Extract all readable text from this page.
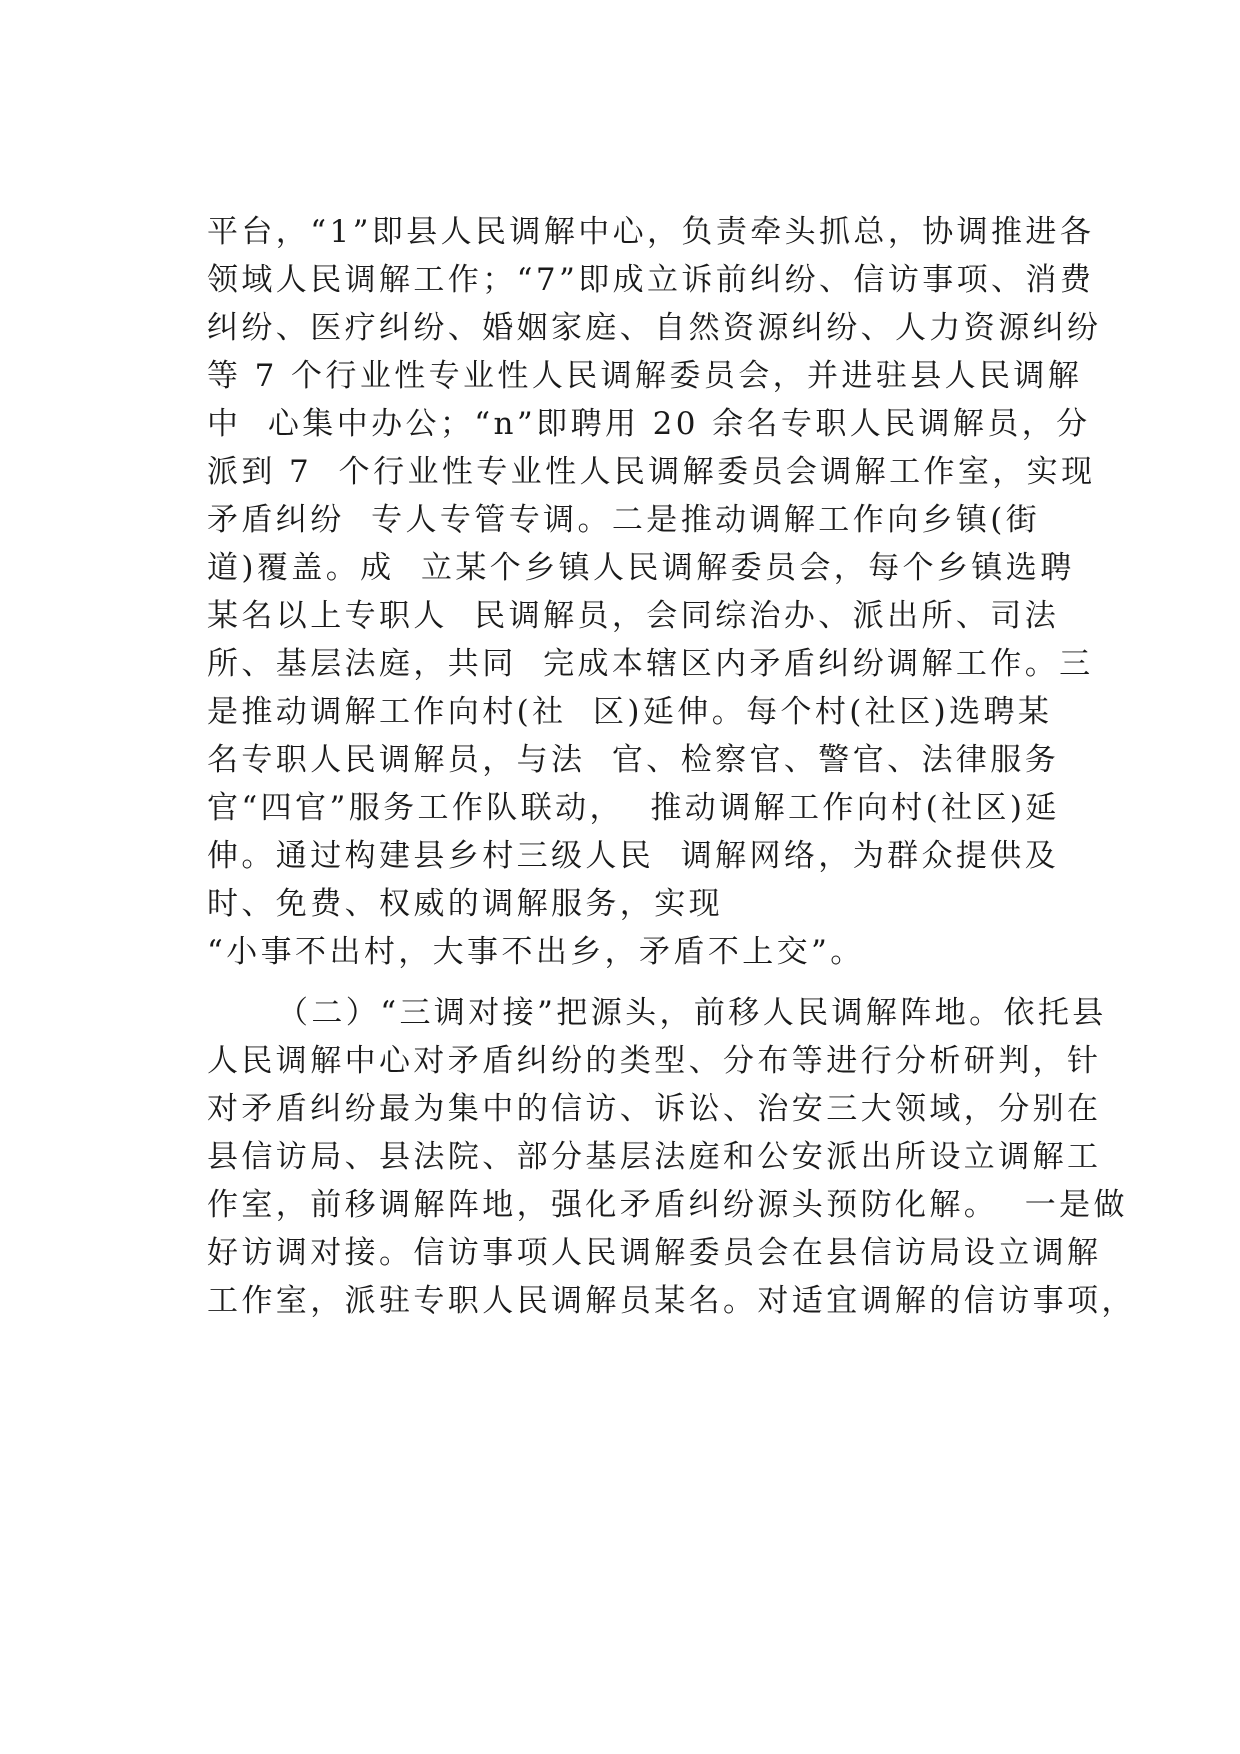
平台，“1”即县人民调解中心，负责牵头抓总，协调推进各
领域人民调解工作；“7”即成立诉前纠纷、信访事项、消费
纠纷、医疗纠纷、婚姻家庭、自然资源纠纷、人力资源纠纷
等 7 个行业性专业性人民调解委员会，并进驻县人民调解
中  心集中办公；“n”即聘用 20 余名专职人民调解员，分
派到 7  个行业性专业性人民调解委员会调解工作室，实现
矛盾纠纷  专人专管专调。二是推动调解工作向乡镇(街
道)覆盖。成  立某个乡镇人民调解委员会，每个乡镇选聘
某名以上专职人  民调解员，会同综治办、派出所、司法
所、基层法庭，共同  完成本辖区内矛盾纠纷调解工作。三
是推动调解工作向村(社  区)延伸。每个村(社区)选聘某
名专职人民调解员，与法  官、检察官、警官、法律服务
官“四官”服务工作队联动，  推动调解工作向村(社区)延
伸。通过构建县乡村三级人民  调解网络，为群众提供及
时、免费、权威的调解服务，实现
“小事不出村，大事不出乡，矛盾不上交”。
（二）“三调对接”把源头，前移人民调解阵地。依托县
人民调解中心对矛盾纠纷的类型、分布等进行分析研判，针
对矛盾纠纷最为集中的信访、诉讼、治安三大领域，分别在
县信访局、县法院、部分基层法庭和公安派出所设立调解工
作室，前移调解阵地，强化矛盾纠纷源头预防化解。  一是做
好访调对接。信访事项人民调解委员会在县信访局设立调解
工作室，派驻专职人民调解员某名。对适宜调解的信访事项，
